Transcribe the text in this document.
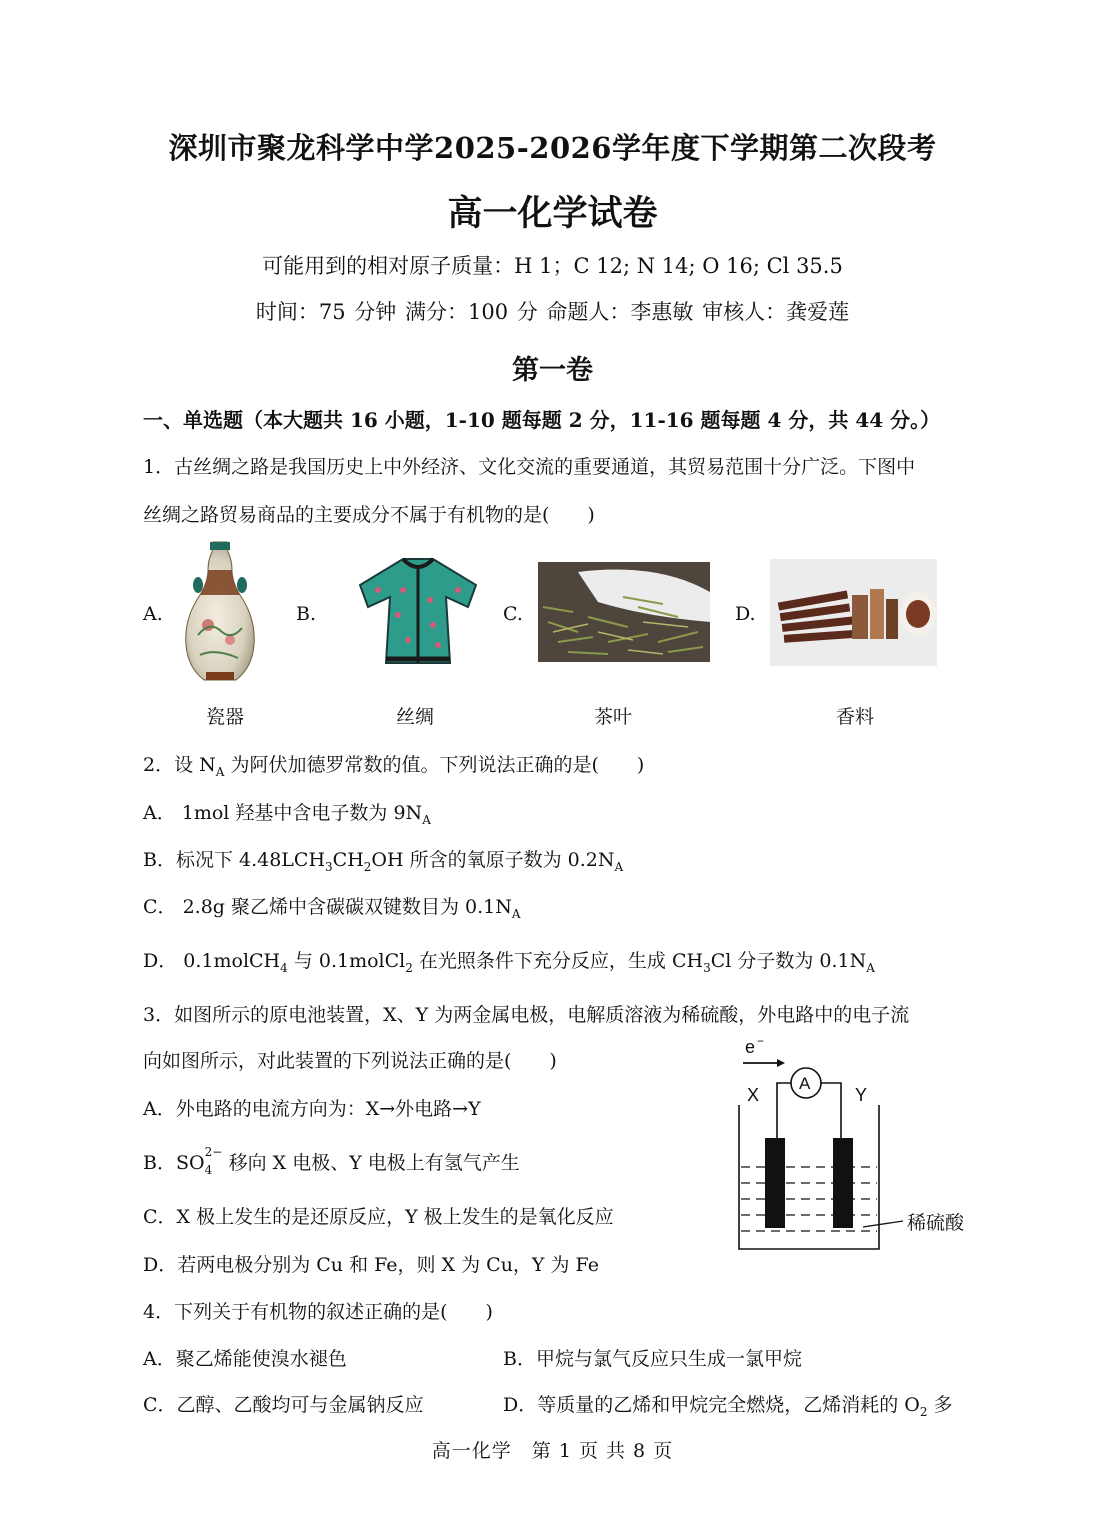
深圳市聚龙科学中学2025-2026学年度下学期第二次段考
高一化学试卷
可能用到的相对原子质量：H 1；C 12; N 14; O 16; Cl 35.5
时间：75 分钟 满分：100 分 命题人：李惠敏 审核人：龚爱莲
第一卷
一、单选题（本大题共 16 小题，1-10 题每题 2 分，11-16 题每题 4 分，共 44 分。）
1．古丝绸之路是我国历史上中外经济、文化交流的重要通道，其贸易范围十分广泛。下图中
丝绸之路贸易商品的主要成分不属于有机物的是(　　)
A.
瓷器
B.
丝绸
C.
茶叶
D.
香料
2．设 $N_A$ 为阿伏加德罗常数的值。下列说法正确的是(　　)
A． 1mol 羟基中含电子数为 $9N_A$
B．标况下 $4.48LCH_3CH_2OH$ 所含的氧原子数为 $0.2N_A$
C． 2.8g 聚乙烯中含碳碳双键数目为 $0.1N_A$
D． 0.1molCH$_4$ 与 0.1molCl$_2$ 在光照条件下充分反应，生成 $CH_3Cl$ 分子数为 $0.1N_A$
3．如图所示的原电池装置，X、Y 为两金属电极，电解质溶液为稀硫酸，外电路中的电子流
向如图所示，对此装置的下列说法正确的是(　　)
A．外电路的电流方向为：X→外电路→Y
B．SO 2−
4 移向 X 电极、Y 电极上有氢气产生
C．X 极上发生的是还原反应，Y 极上发生的是氧化反应
D．若两电极分别为 Cu 和 Fe，则 X 为 Cu，Y 为 Fe
e −
A
X	Y
稀硫酸
4．下列关于有机物的叙述正确的是(　　)
A．聚乙烯能使溴水褪色	B．甲烷与氯气反应只生成一氯甲烷
C．乙醇、乙酸均可与金属钠反应	D．等质量的乙烯和甲烷完全燃烧，乙烯消耗的 $O_2$ 多
高一化学　第 1 页 共 8 页
